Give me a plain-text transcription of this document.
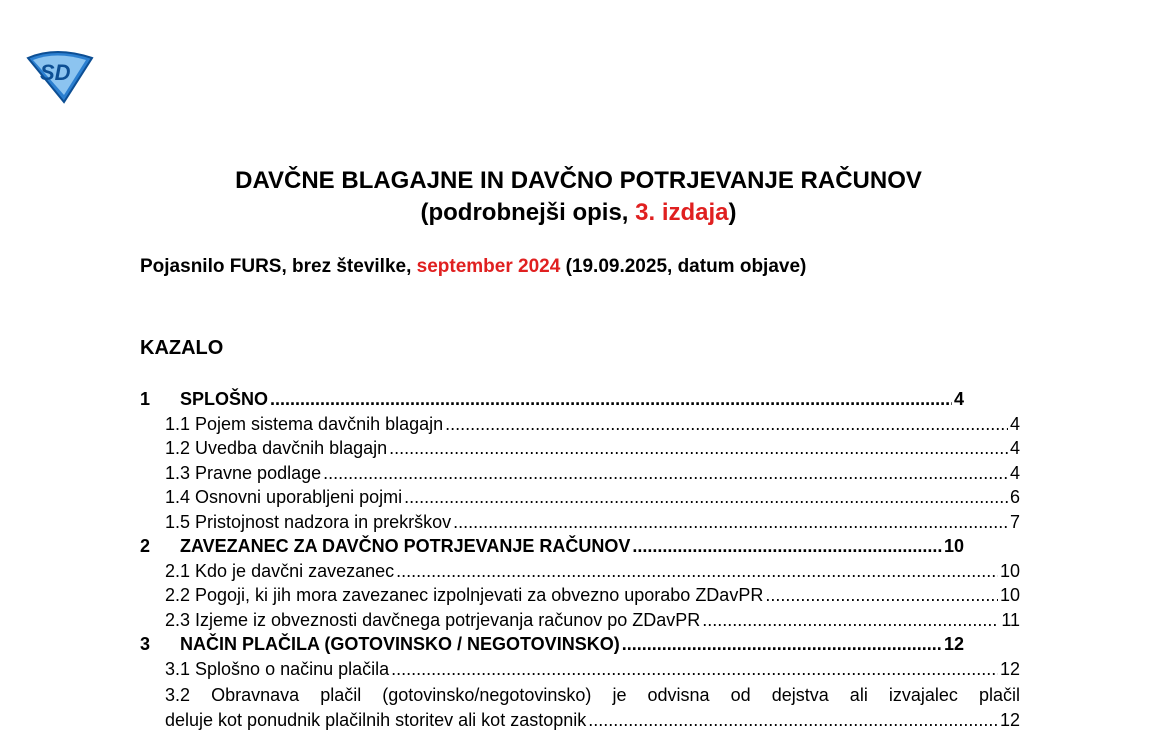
SD
DAVČNE BLAGAJNE IN DAVČNO POTRJEVANJE RAČUNOV
(podrobnejši opis, 3. izdaja)
Pojasnilo FURS, brez številke, september 2024 (19.09.2025, datum objave)
KAZALO
1	SPLOŠNO .....	4
1.1 Pojem sistema davčnih blagajn .....	4
1.2 Uvedba davčnih blagajn .....	4
1.3 Pravne podlage .....	4
1.4 Osnovni uporabljeni pojmi .....	6
1.5 Pristojnost nadzora in prekrškov .....	7
2	ZAVEZANEC ZA DAVČNO POTRJEVANJE RAČUNOV .....	10
2.1 Kdo je davčni zavezanec .....	10
2.2 Pogoji, ki jih mora zavezanec izpolnjevati za obvezno uporabo ZDavPR .....	10
2.3 Izjeme iz obveznosti davčnega potrjevanja računov po ZDavPR .....	11
3	NAČIN PLAČILA (GOTOVINSKO / NEGOTOVINSKO) .....	12
3.1 Splošno o načinu plačila .....	12
3.2 Obravnava plačil (gotovinsko/negotovinsko) je odvisna od dejstva ali izvajalec plačil
deluje kot ponudnik plačilnih storitev ali kot zastopnik .....	12
